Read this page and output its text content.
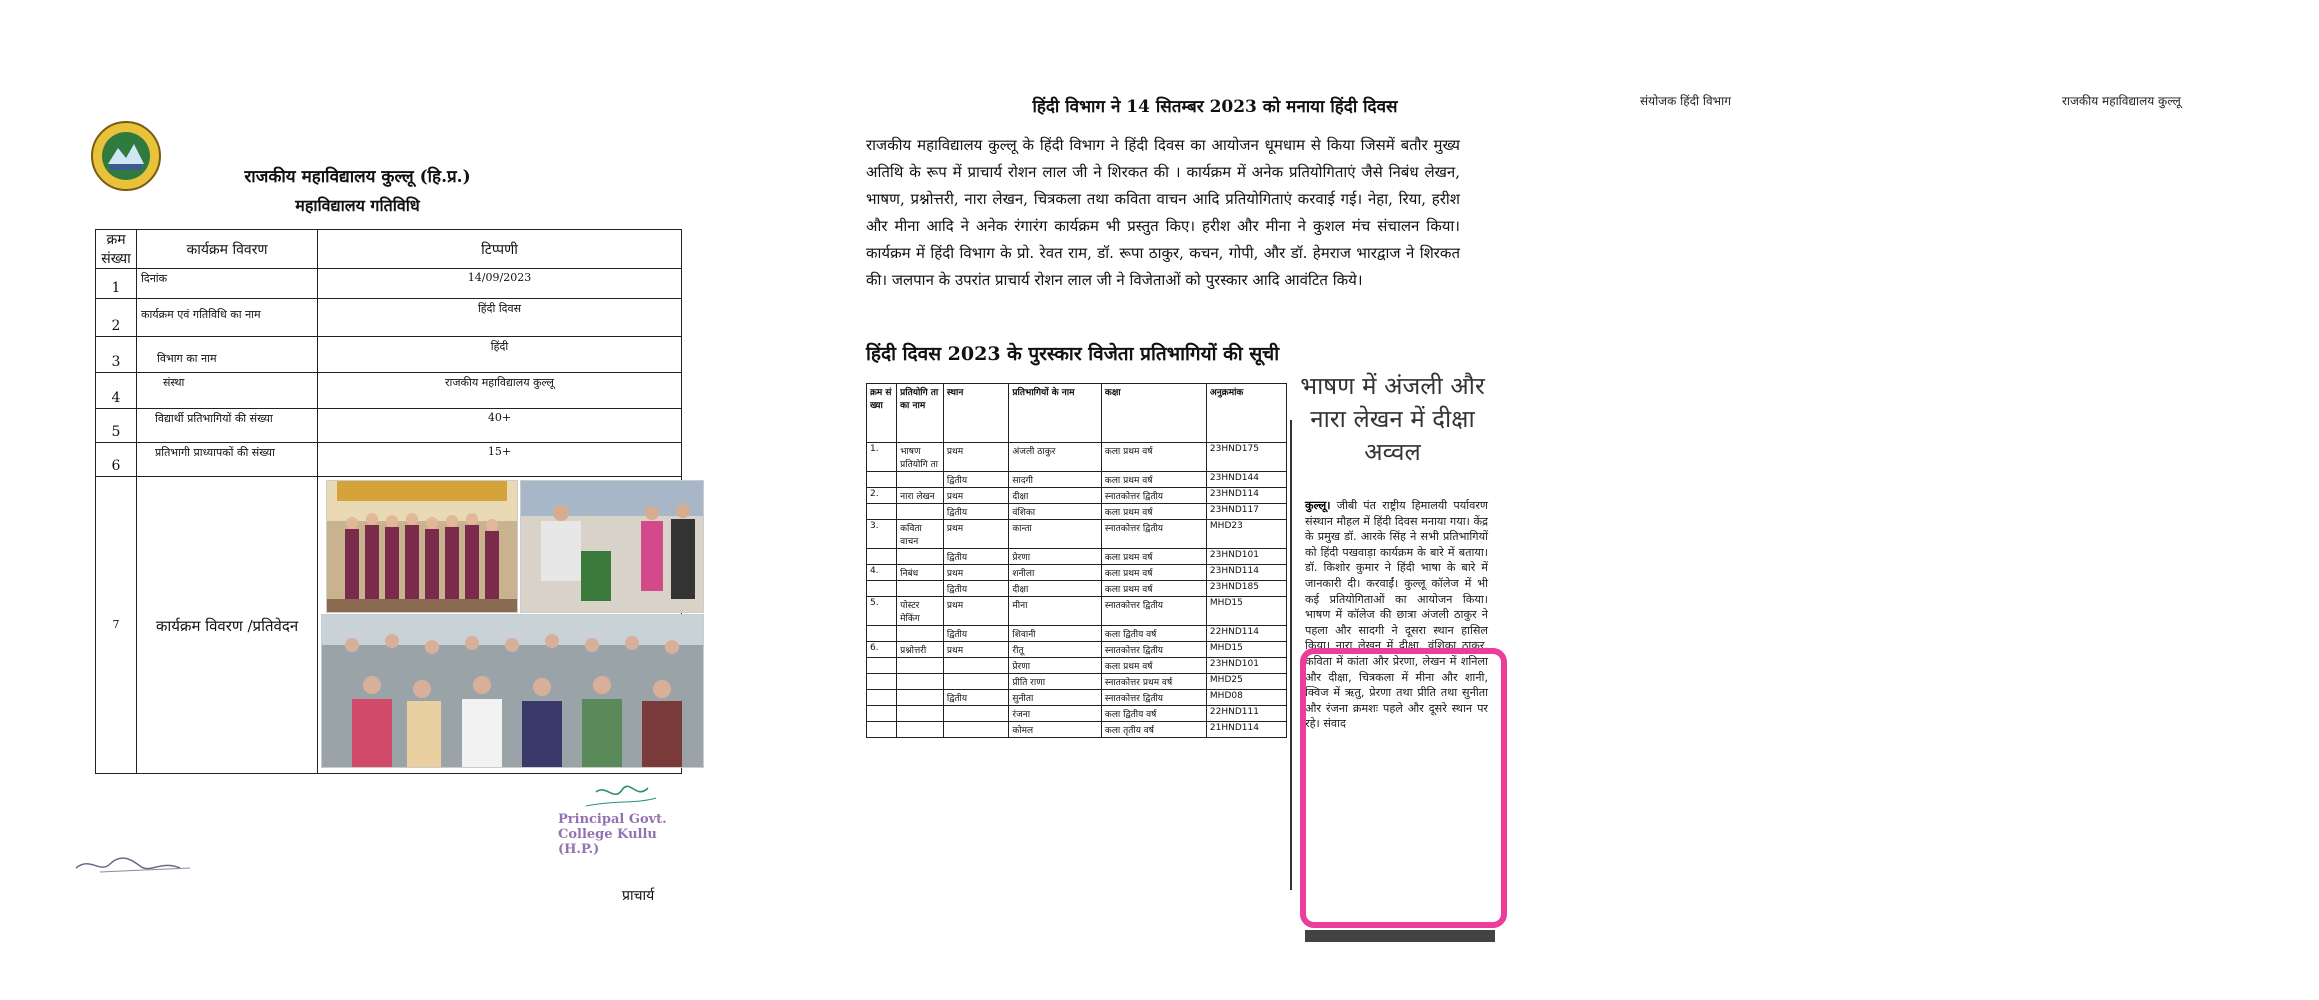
राजकीय महाविद्यालय कुल्लू (हि.प्र.)
महाविद्यालय गतिविधि
क्रम संख्या	कार्यक्रम विवरण	टिप्पणी
1	दिनांक	14/09/2023
2	कार्यक्रम एवं गतिविधि का नाम	हिंदी दिवस
3	विभाग का नाम	हिंदी
4	संस्था	राजकीय महाविद्यालय कुल्लू
5	विद्यार्थी प्रतिभागियों की संख्या	40+
6	प्रतिभागी प्राध्यापकों की संख्या	15+
7	कार्यक्रम विवरण /प्रतिवेदन	
Principal Govt. College Kullu (H.P.)
प्राचार्य
हिंदी विभाग ने 14 सितम्बर 2023 को मनाया हिंदी दिवस
राजकीय महाविद्यालय कुल्लू के हिंदी विभाग ने हिंदी दिवस का आयोजन धूमधाम से किया जिसमें बतौर मुख्य अतिथि के रूप में प्राचार्य रोशन लाल जी ने शिरकत की । कार्यक्रम में अनेक प्रतियोगिताएं जैसे निबंध लेखन, भाषण, प्रश्नोत्तरी, नारा लेखन, चित्रकला तथा कविता वाचन आदि प्रतियोगिताएं करवाई गई। नेहा, रिया, हरीश और मीना आदि ने अनेक रंगारंग कार्यक्रम भी प्रस्तुत किए। हरीश और मीना ने कुशल मंच संचालन किया। कार्यक्रम में हिंदी विभाग के प्रो. रेवत राम, डॉ. रूपा ठाकुर, कचन, गोपी, और डॉ. हेमराज भारद्वाज ने शिरकत की। जलपान के उपरांत प्राचार्य रोशन लाल जी ने विजेताओं को पुरस्कार आदि आवंटित किये।
हिंदी दिवस 2023 के पुरस्कार विजेता प्रतिभागियों की सूची
क्रम सं ख्या	प्रतियोगि ता का नाम	स्थान	प्रतिभागियों के नाम	कक्षा	अनुक्रमांक
1.	भाषण प्रतियोगि ता	प्रथम	अंजली ठाकुर	कला प्रथम वर्ष	23HND175
		द्वितीय	सादगी	कला प्रथम वर्ष	23HND144
2.	नारा लेखन	प्रथम	दीक्षा	स्नातकोत्तर द्वितीय	23HND114
		द्वितीय	वंशिका	कला प्रथम वर्ष	23HND117
3.	कविता वाचन	प्रथम	कान्ता	स्नातकोत्तर द्वितीय	MHD23
		द्वितीय	प्रेरणा	कला प्रथम वर्ष	23HND101
4.	निबंध	प्रथम	शनीला	कला प्रथम वर्ष	23HND114
		द्वितीय	दीक्षा	कला प्रथम वर्ष	23HND185
5.	पोस्टर मेकिंग	प्रथम	मीना	स्नातकोत्तर द्वितीय	MHD15
		द्वितीय	शिवानी	कला द्वितीय वर्ष	22HND114
6.	प्रश्नोत्तरी	प्रथम	रीतू	स्नातकोत्तर द्वितीय	MHD15
			प्रेरणा	कला प्रथम वर्ष	23HND101
			प्रीति राणा	स्नातकोत्तर प्रथम वर्ष	MHD25
		द्वितीय	सुनीता	स्नातकोत्तर द्वितीय	MHD08
			रंजना	कला द्वितीय वर्ष	22HND111
			कोमल	कला तृतीय वर्ष	21HND114
भाषण में अंजली और नारा लेखन में दीक्षा अव्वल
कुल्लू। जीबी पंत राष्ट्रीय हिमालयी पर्यावरण संस्थान मौहल में हिंदी दिवस मनाया गया। केंद्र के प्रमुख डॉ. आरके सिंह ने सभी प्रतिभागियों को हिंदी पखवाड़ा कार्यक्रम के बारे में बताया। डॉ. किशोर कुमार ने हिंदी भाषा के बारे में जानकारी दी। करवाईं। कुल्लू कॉलेज में भी कई प्रतियोगिताओं का आयोजन किया। भाषण में कॉलेज की छात्रा अंजली ठाकुर ने पहला और सादगी ने दूसरा स्थान हासिल किया। नारा लेखन में दीक्षा, वंशिका ठाकुर, कविता में कांता और प्रेरणा, लेखन में शनिला और दीक्षा, चित्रकला में मीना और शानी, क्विज में ऋतु, प्रेरणा तथा प्रीति तथा सुनीता और रंजना क्रमशः पहले और दूसरे स्थान पर रहे। संवाद
संयोजक हिंदी विभाग	राजकीय महाविद्यालय कुल्लू
